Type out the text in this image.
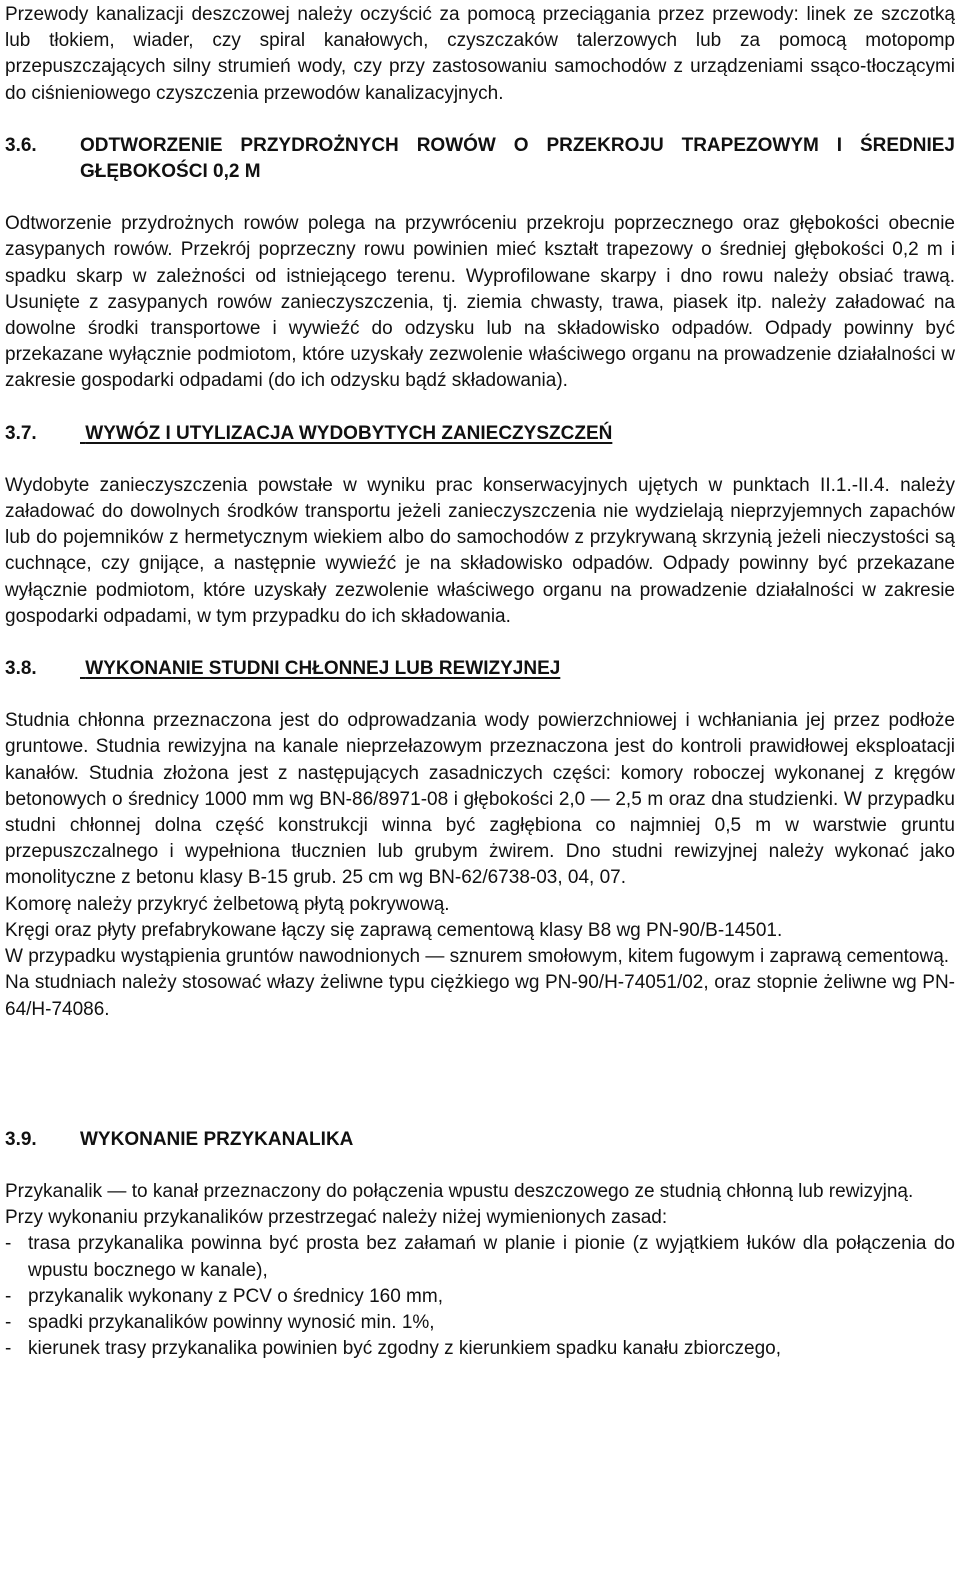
Przewody kanalizacji deszczowej należy oczyścić za pomocą przeciągania przez przewody: linek ze szczotką lub tłokiem, wiader, czy spiral kanałowych, czyszczaków talerzowych lub za pomocą motopomp przepuszczających silny strumień wody, czy przy zastosowaniu samochodów z urządzeniami ssąco-tłoczącymi do ciśnieniowego czyszczenia przewodów kanalizacyjnych.

3.6.	ODTWORZENIE PRZYDROŻNYCH ROWÓW O PRZEKROJU TRAPEZOWYM I ŚREDNIEJ GŁĘBOKOŚCI 0,2 M

Odtworzenie przydrożnych rowów polega na przywróceniu przekroju poprzecznego oraz głębokości obecnie zasypanych rowów. Przekrój poprzeczny rowu powinien mieć kształt trapezowy o średniej głębokości 0,2 m i spadku skarp w zależności od istniejącego terenu. Wyprofilowane skarpy i dno rowu należy obsiać trawą. Usunięte z zasypanych rowów zanieczyszczenia, tj. ziemia chwasty, trawa, piasek itp. należy załadować na dowolne środki transportowe i wywieźć do odzysku lub na składowisko odpadów. Odpady powinny być przekazane wyłącznie podmiotom, które uzyskały zezwolenie właściwego organu na prowadzenie działalności w zakresie gospodarki odpadami (do ich odzysku bądź składowania).

3.7.	WYWÓZ I UTYLIZACJA WYDOBYTYCH ZANIECZYSZCZEŃ

Wydobyte zanieczyszczenia powstałe w wyniku prac konserwacyjnych ujętych w punktach II.1.-II.4. należy załadować do dowolnych środków transportu jeżeli zanieczyszczenia nie wydzielają nieprzyjemnych zapachów lub do pojemników z hermetycznym wiekiem albo do samochodów z przykrywaną skrzynią jeżeli nieczystości są cuchnące, czy gnijące, a następnie wywieźć je na składowisko odpadów. Odpady powinny być przekazane wyłącznie podmiotom, które uzyskały zezwolenie właściwego organu na prowadzenie działalności w zakresie gospodarki odpadami, w tym przypadku do ich składowania.

3.8.	WYKONANIE STUDNI CHŁONNEJ LUB REWIZYJNEJ

Studnia chłonna przeznaczona jest do odprowadzania wody powierzchniowej i wchłaniania jej przez podłoże gruntowe. Studnia rewizyjna na kanale nieprzełazowym przeznaczona jest do kontroli prawidłowej eksploatacji kanałów. Studnia złożona jest z następujących zasadniczych części: komory roboczej wykonanej z kręgów betonowych o średnicy 1000 mm wg BN-86/8971-08 i głębokości 2,0 — 2,5 m oraz dna studzienki. W przypadku studni chłonnej dolna część konstrukcji winna być zagłębiona co najmniej 0,5 m w warstwie gruntu przepuszczalnego i wypełniona tłucznien lub grubym żwirem. Dno studni rewizyjnej należy wykonać jako monolityczne z betonu klasy B-15 grub. 25 cm wg BN-62/6738-03, 04, 07.

Komorę należy przykryć żelbetową płytą pokrywową.

Kręgi oraz płyty prefabrykowane łączy się zaprawą cementową klasy B8 wg PN-90/B-14501.

W przypadku wystąpienia gruntów nawodnionych — sznurem smołowym, kitem fugowym i zaprawą cementową.

Na studniach należy stosować włazy żeliwne typu ciężkiego wg PN-90/H-74051/02, oraz stopnie żeliwne wg PN-64/H-74086.

3.9.	WYKONANIE PRZYKANALIKA

Przykanalik — to kanał przeznaczony do połączenia wpustu deszczowego ze studnią chłonną lub rewizyjną.

Przy wykonaniu przykanalików przestrzegać należy niżej wymienionych zasad:

- trasa przykanalika powinna być prosta bez załamań w planie i pionie (z wyjątkiem łuków dla połączenia do wpustu bocznego w kanale),

- przykanalik wykonany z PCV o średnicy 160 mm,

- spadki przykanalików powinny wynosić min. 1%,

- kierunek trasy przykanalika powinien być zgodny z kierunkiem spadku kanału zbiorczego,
